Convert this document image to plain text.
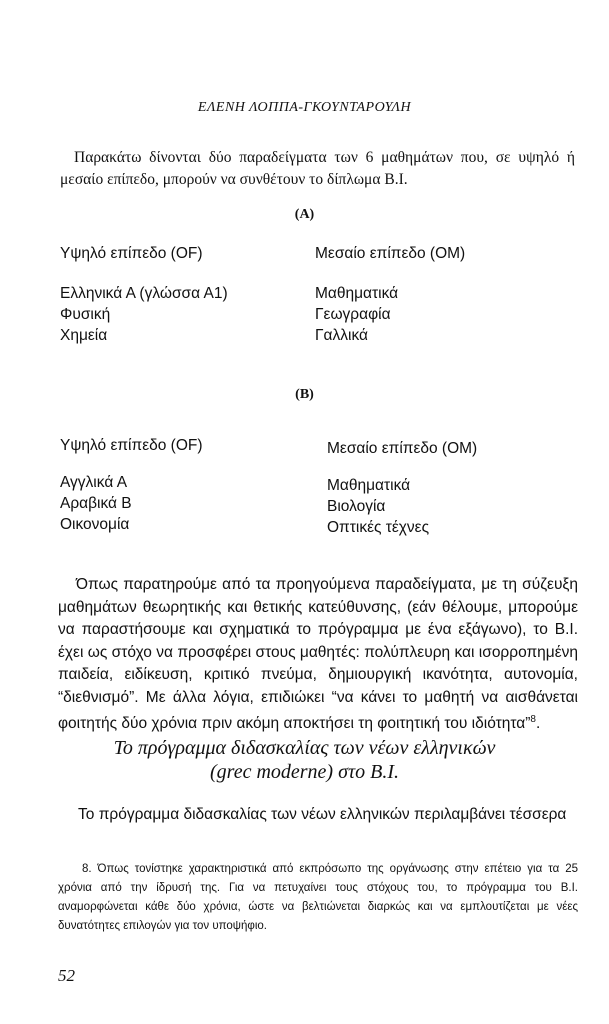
ΕΛΕΝΗ ΛΟΠΠΑ-ΓΚΟΥΝΤΑΡΟΥΛΗ

Παρακάτω δίνονται δύο παραδείγματα των 6 μαθημάτων που, σε υψηλό ή μεσαίο επίπεδο, μπορούν να συνθέτουν το δίπλωμα Β.Ι.

(Α)
Υψηλό επίπεδο (OF)
Ελληνικά Α (γλώσσα Α1)
Φυσική
Χημεία
Μεσαίο επίπεδο (ΟΜ)
Μαθηματικά
Γεωγραφία
Γαλλικά
(Β)
Υψηλό επίπεδο (OF)
Αγγλικά Α
Αραβικά Β
Οικονομία
Μεσαίο επίπεδο (ΟΜ)
Μαθηματικά
Βιολογία
Οπτικές τέχνες

Όπως παρατηρούμε από τα προηγούμενα παραδείγματα, με τη σύζευξη μαθημάτων θεωρητικής και θετικής κατεύθυνσης, (εάν θέλουμε, μπορούμε να παραστήσουμε και σχηματικά το πρόγραμμα με ένα εξάγωνο), το Β.Ι. έχει ως στόχο να προσφέρει στους μαθητές: πολύπλευρη και ισορροπημένη παιδεία, ειδίκευση, κριτικό πνεύμα, δημιουργική ικανότητα, αυτονομία, “διεθνισμό”. Με άλλα λόγια, επιδιώκει “να κάνει το μαθητή να αισθάνεται φοιτητής δύο χρόνια πριν ακόμη αποκτήσει τη φοιτητική του ιδιότητα”$^8$.

Το πρόγραμμα διδασκαλίας των νέων ελληνικών
(grec moderne) στο Β.Ι.
Το πρόγραμμα διδασκαλίας των νέων ελληνικών περιλαμβάνει τέσσερα

8. Όπως τονίστηκε χαρακτηριστικά από εκπρόσωπο της οργάνωσης στην επέτειο για τα 25 χρόνια από την ίδρυσή της. Για να πετυχαίνει τους στόχους του, το πρόγραμμα του Β.Ι. αναμορφώνεται κάθε δύο χρόνια, ώστε να βελτιώνεται διαρκώς και να εμπλουτίζεται με νέες δυνατότητες επιλογών για τον υποψήφιο.

52
